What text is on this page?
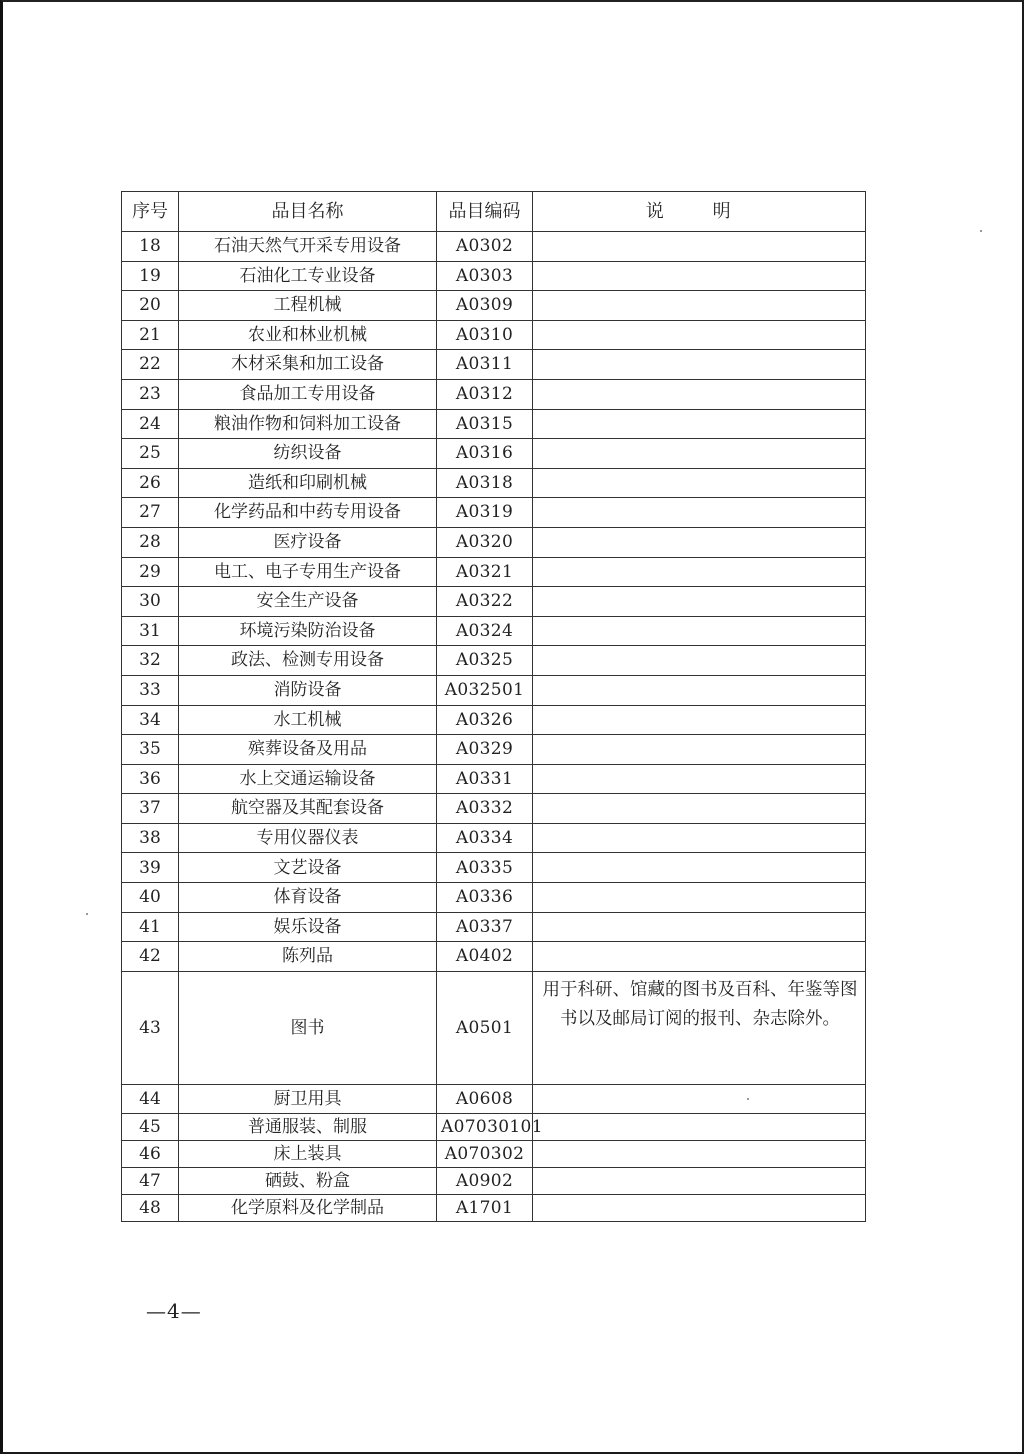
序号	品目名称	品目编码	说 明
18	石油天然气开采专用设备	A0302	
19	石油化工专业设备	A0303	
20	工程机械	A0309	
21	农业和林业机械	A0310	
22	木材采集和加工设备	A0311	
23	食品加工专用设备	A0312	
24	粮油作物和饲料加工设备	A0315	
25	纺织设备	A0316	
26	造纸和印刷机械	A0318	
27	化学药品和中药专用设备	A0319	
28	医疗设备	A0320	
29	电工、电子专用生产设备	A0321	
30	安全生产设备	A0322	
31	环境污染防治设备	A0324	
32	政法、检测专用设备	A0325	
33	消防设备	A032501	
34	水工机械	A0326	
35	殡葬设备及用品	A0329	
36	水上交通运输设备	A0331	
37	航空器及其配套设备	A0332	
38	专用仪器仪表	A0334	
39	文艺设备	A0335	
40	体育设备	A0336	
41	娱乐设备	A0337	
42	陈列品	A0402	
43	图书	A0501	用于科研、馆藏的图书及百科、年鉴等图书以及邮局订阅的报刊、杂志除外。
44	厨卫用具	A0608	
45	普通服装、制服	A07030101	
46	床上装具	A070302	
47	硒鼓、粉盒	A0902	
48	化学原料及化学制品	A1701	
—4—
